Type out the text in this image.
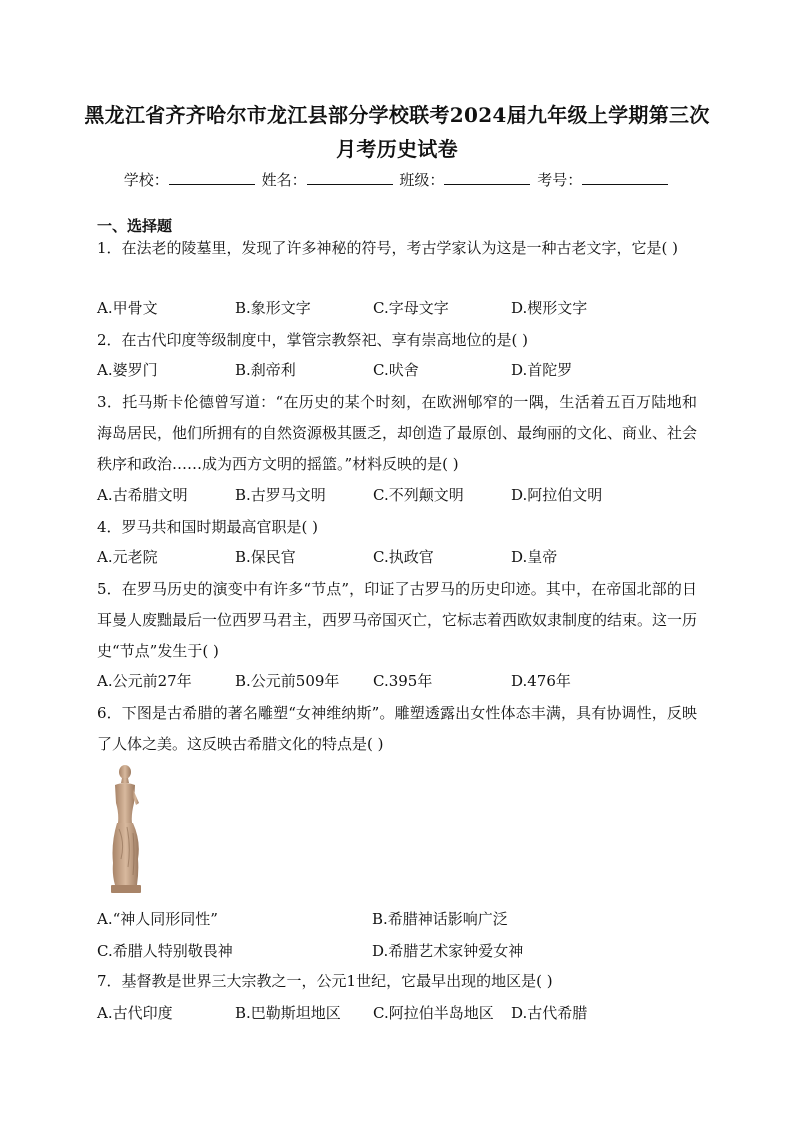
黑龙江省齐齐哈尔市龙江县部分学校联考2024届九年级上学期第三次
月考历史试卷
学校：	姓名：	班级：	考号：
一、选择题
1．在法老的陵墓里，发现了许多神秘的符号，考古学家认为这是一种古老文字，它是( )
A.甲骨文	B.象形文字	C.字母文字	D.楔形文字
2．在古代印度等级制度中，掌管宗教祭祀、享有崇高地位的是( )
A.婆罗门	B.刹帝利	C.吠舍	D.首陀罗
3．托马斯卡伦德曾写道：“在历史的某个时刻，在欧洲郇窄的一隅，生活着五百万陆地和海岛居民，他们所拥有的自然资源极其匮乏，却创造了最原创、最绚丽的文化、商业、社会秩序和政治……成为西方文明的摇篮。”材料反映的是( )
A.古希腊文明	B.古罗马文明	C.不列颠文明	D.阿拉伯文明
4．罗马共和国时期最高官职是( )
A.元老院	B.保民官	C.执政官	D.皇帝
5．在罗马历史的演变中有许多“节点”，印证了古罗马的历史印迹。其中，在帝国北部的日耳曼人废黜最后一位西罗马君主，西罗马帝国灭亡，它标志着西欧奴隶制度的结束。这一历史“节点”发生于( )
A.公元前27年	B.公元前509年 C.395年	D.476年
6．下图是古希腊的著名雕塑“女神维纳斯”。雕塑透露出女性体态丰满，具有协调性，反映了人体之美。这反映古希腊文化的特点是( )
A.“神人同形同性”	B.希腊神话影响广泛
C.希腊人特别敬畏神	D.希腊艺术家钟爱女神
7．基督教是世界三大宗教之一，公元1世纪，它最早出现的地区是( )
A.古代印度	B.巴勒斯坦地区 C.阿拉伯半岛地区 D.古代希腊
